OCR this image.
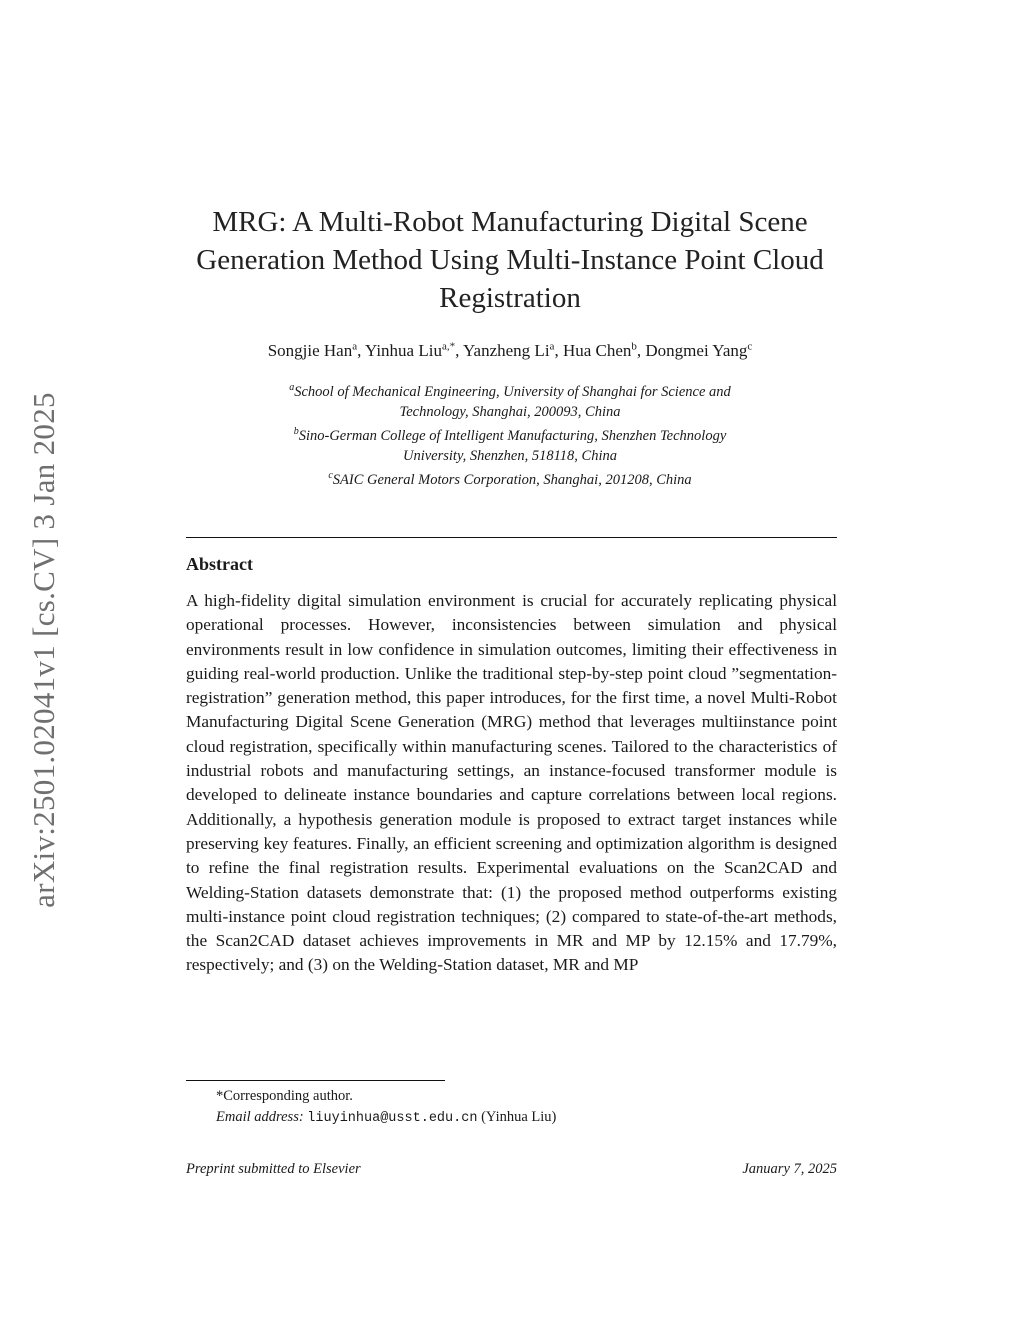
arXiv:2501.02041v1 [cs.CV] 3 Jan 2025
MRG: A Multi-Robot Manufacturing Digital Scene Generation Method Using Multi-Instance Point Cloud Registration
Songjie Han$^a$, Yinhua Liu$^{a,*}$, Yanzheng Li$^a$, Hua Chen$^b$, Dongmei Yang$^c$
$^a$School of Mechanical Engineering, University of Shanghai for Science and
Technology, Shanghai, 200093, China
$^b$Sino-German College of Intelligent Manufacturing, Shenzhen Technology
University, Shenzhen, 518118, China
$^c$SAIC General Motors Corporation, Shanghai, 201208, China
Abstract
A high-fidelity digital simulation environment is crucial for accurately replicating physical operational processes. However, inconsistencies between simulation and physical environments result in low confidence in simulation outcomes, limiting their effectiveness in guiding real-world production. Unlike the traditional step-by-step point cloud ”segmentation-registration” generation method, this paper introduces, for the first time, a novel Multi-Robot Manufacturing Digital Scene Generation (MRG) method that leverages multiinstance point cloud registration, specifically within manufacturing scenes. Tailored to the characteristics of industrial robots and manufacturing settings, an instance-focused transformer module is developed to delineate instance boundaries and capture correlations between local regions. Additionally, a hypothesis generation module is proposed to extract target instances while preserving key features. Finally, an efficient screening and optimization algorithm is designed to refine the final registration results. Experimental evaluations on the Scan2CAD and Welding-Station datasets demonstrate that: (1) the proposed method outperforms existing multi-instance point cloud registration techniques; (2) compared to state-of-the-art methods, the Scan2CAD dataset achieves improvements in MR and MP by 12.15% and 17.79%, respectively; and (3) on the Welding-Station dataset, MR and MP
*Corresponding author.
Email address: liuyinhua@usst.edu.cn (Yinhua Liu)
Preprint submitted to Elsevier	January 7, 2025
